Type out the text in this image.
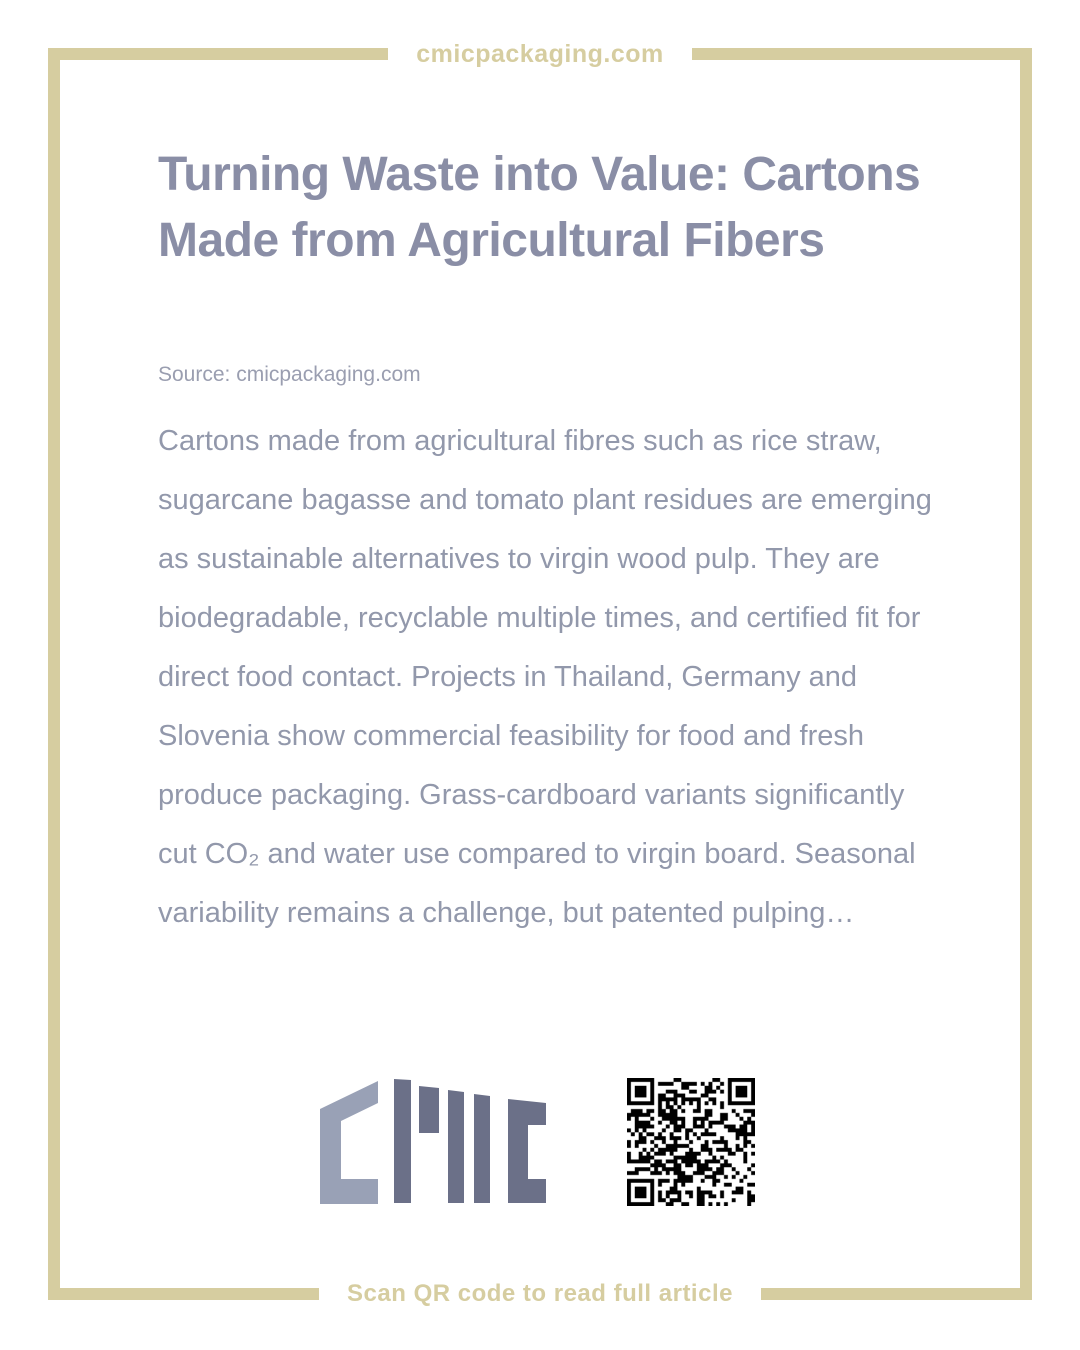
cmicpackaging.com
Turning Waste into Value: Cartons Made from Agricultural Fibers
Source: cmicpackaging.com

Cartons made from agricultural fibres such as rice straw, sugarcane bagasse and tomato plant residues are emerging as sustainable alternatives to virgin wood pulp. They are biodegradable, recyclable multiple times, and certified fit for direct food contact. Projects in Thailand, Germany and Slovenia show commercial feasibility for food and fresh produce packaging. Grass-cardboard variants significantly cut CO₂ and water use compared to virgin board. Seasonal variability remains a challenge, but patented pulping…

Scan QR code to read full article
